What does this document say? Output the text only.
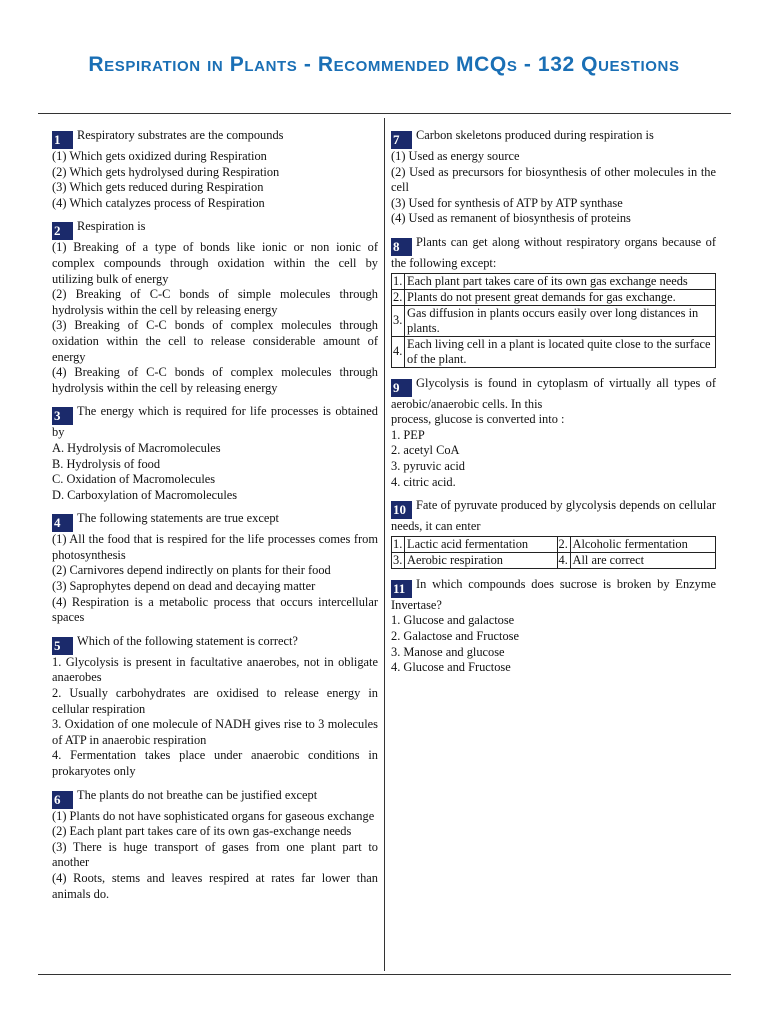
Respiration in Plants - Recommended MCQs - 132 Questions
1 Respiratory substrates are the compounds
(1) Which gets oxidized during Respiration
(2) Which gets hydrolysed during Respiration
(3) Which gets reduced during Respiration
(4) Which catalyzes process of Respiration
2 Respiration is
(1) Breaking of a type of bonds like ionic or non ionic of complex compounds through oxidation within the cell by utilizing bulk of energy
(2) Breaking of C-C bonds of simple molecules through hydrolysis within the cell by releasing energy
(3) Breaking of C-C bonds of complex molecules through oxidation within the cell to release considerable amount of energy
(4) Breaking of C-C bonds of complex molecules through hydrolysis within the cell by releasing energy
3 The energy which is required for life processes is obtained by
A. Hydrolysis of Macromolecules
B. Hydrolysis of food
C. Oxidation of Macromolecules
D. Carboxylation of Macromolecules
4 The following statements are true except
(1) All the food that is respired for the life processes comes from photosynthesis
(2) Carnivores depend indirectly on plants for their food
(3) Saprophytes depend on dead and decaying matter
(4) Respiration is a metabolic process that occurs intercellular spaces
5 Which of the following statement is correct?
1. Glycolysis is present in facultative anaerobes, not in obligate anaerobes
2. Usually carbohydrates are oxidised to release energy in cellular respiration
3. Oxidation of one molecule of NADH gives rise to 3 molecules of ATP in anaerobic respiration
4. Fermentation takes place under anaerobic conditions in prokaryotes only
6 The plants do not breathe can be justified except
(1) Plants do not have sophisticated organs for gaseous exchange
(2) Each plant part takes care of its own gas-exchange needs
(3) There is huge transport of gases from one plant part to another
(4) Roots, stems and leaves respired at rates far lower than animals do.
7 Carbon skeletons produced during respiration is
(1) Used as energy source
(2) Used as precursors for biosynthesis of other molecules in the cell
(3) Used for synthesis of ATP by ATP synthase
(4) Used as remanent of biosynthesis of proteins
8 Plants can get along without respiratory organs because of the following except:
1.	Each plant part takes care of its own gas exchange needs
2.	Plants do not present great demands for gas exchange.
3.	Gas diffusion in plants occurs easily over long distances in plants.
4.	Each living cell in a plant is located quite close to the surface of the plant.
9 Glycolysis is found in cytoplasm of virtually all types of aerobic/anaerobic cells. In this
process, glucose is converted into :
1. PEP
2. acetyl CoA
3. pyruvic acid
4. citric acid.
10 Fate of pyruvate produced by glycolysis depends on cellular needs, it can enter
1.	Lactic acid fermentation	2.	Alcoholic fermentation
3.	Aerobic respiration	4.	All are correct
11 In which compounds does sucrose is broken by Enzyme Invertase?
1. Glucose and galactose
2. Galactose and Fructose
3. Manose and glucose
4. Glucose and Fructose
